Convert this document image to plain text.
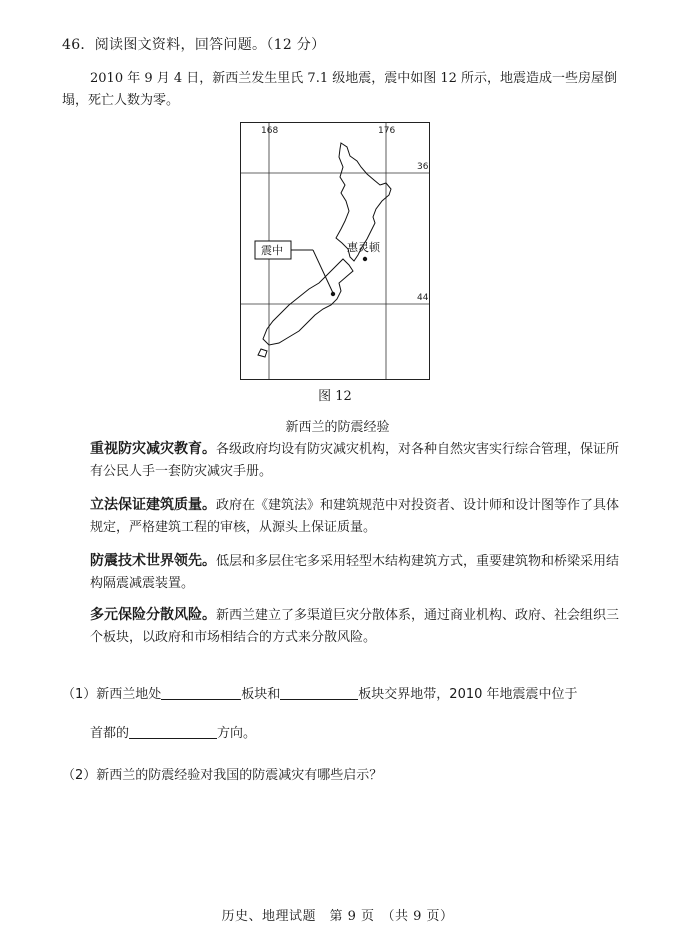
46．阅读图文资料，回答问题。（12 分）
2010 年 9 月 4 日，新西兰发生里氏 7.1 级地震，震中如图 12 所示，地震造成一些房屋倒塌，死亡人数为零。
168	176
36
44
震中	惠灵顿
图 12
新西兰的防震经验
重视防灾减灾教育。各级政府均设有防灾减灾机构，对各种自然灾害实行综合管理，保证所有公民人手一套防灾减灾手册。
立法保证建筑质量。政府在《建筑法》和建筑规范中对投资者、设计师和设计图等作了具体规定，严格建筑工程的审核，从源头上保证质量。
防震技术世界领先。低层和多层住宅多采用轻型木结构建筑方式，重要建筑物和桥梁采用结构隔震减震装置。
多元保险分散风险。新西兰建立了多渠道巨灾分散体系，通过商业机构、政府、社会组织三个板块，以政府和市场相结合的方式来分散风险。
（1）新西兰地处	板块和	板块交界地带，2010 年地震震中位于
首都的	方向。
（2）新西兰的防震经验对我国的防震减灾有哪些启示？
历史、地理试题　第 9 页　（共 9 页）
